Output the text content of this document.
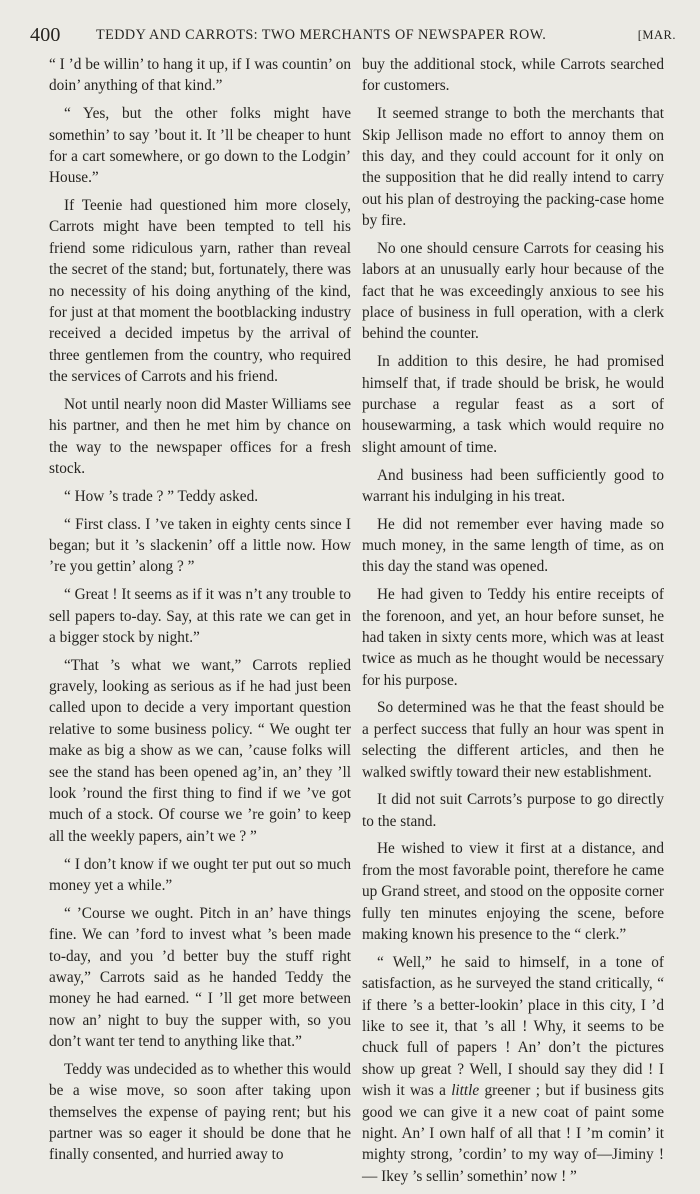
400 TEDDY AND CARROTS: TWO MERCHANTS OF NEWSPAPER ROW.	[MAR.

“ I ’d be willin’ to hang it up, if I was countin’ on doin’ anything of that kind.”

“ Yes, but the other folks might have somethin’ to say ’bout it. It ’ll be cheaper to hunt for a cart somewhere, or go down to the Lodgin’ House.”

If Teenie had questioned him more closely, Carrots might have been tempted to tell his friend some ridiculous yarn, rather than reveal the secret of the stand; but, fortunately, there was no necessity of his doing anything of the kind, for just at that moment the bootblacking industry received a decided impetus by the arrival of three gentlemen from the country, who required the services of Carrots and his friend.

Not until nearly noon did Master Williams see his partner, and then he met him by chance on the way to the newspaper offices for a fresh stock.

“ How ’s trade ? ” Teddy asked.

“ First class. I ’ve taken in eighty cents since I began; but it ’s slackenin’ off a little now. How ’re you gettin’ along ? ”

“ Great ! It seems as if it was n’t any trouble to sell papers to-day. Say, at this rate we can get in a bigger stock by night.”

“That ’s what we want,” Carrots replied gravely, looking as serious as if he had just been called upon to decide a very important question relative to some business policy. “ We ought ter make as big a show as we can, ’cause folks will see the stand has been opened ag’in, an’ they ’ll look ’round the first thing to find if we ’ve got much of a stock. Of course we ’re goin’ to keep all the weekly papers, ain’t we ? ”

“ I don’t know if we ought ter put out so much money yet a while.”

“ ’Course we ought. Pitch in an’ have things fine. We can ’ford to invest what ’s been made to-day, and you ’d better buy the stuff right away,” Carrots said as he handed Teddy the money he had earned. “ I ’ll get more between now an’ night to buy the supper with, so you don’t want ter tend to anything like that.”

Teddy was undecided as to whether this would be a wise move, so soon after taking upon themselves the expense of paying rent; but his partner was so eager it should be done that he finally consented, and hurried away to

buy the additional stock, while Carrots searched for customers.

It seemed strange to both the merchants that Skip Jellison made no effort to annoy them on this day, and they could account for it only on the supposition that he did really intend to carry out his plan of destroying the packing-case home by fire.

No one should censure Carrots for ceasing his labors at an unusually early hour because of the fact that he was exceedingly anxious to see his place of business in full operation, with a clerk behind the counter.

In addition to this desire, he had promised himself that, if trade should be brisk, he would purchase a regular feast as a sort of housewarming, a task which would require no slight amount of time.

And business had been sufficiently good to warrant his indulging in his treat.

He did not remember ever having made so much money, in the same length of time, as on this day the stand was opened.

He had given to Teddy his entire receipts of the forenoon, and yet, an hour before sunset, he had taken in sixty cents more, which was at least twice as much as he thought would be necessary for his purpose.

So determined was he that the feast should be a perfect success that fully an hour was spent in selecting the different articles, and then he walked swiftly toward their new establishment.

It did not suit Carrots’s purpose to go directly to the stand.

He wished to view it first at a distance, and from the most favorable point, therefore he came up Grand street, and stood on the opposite corner fully ten minutes enjoying the scene, before making known his presence to the “ clerk.”

“ Well,” he said to himself, in a tone of satisfaction, as he surveyed the stand critically, “ if there ’s a better-lookin’ place in this city, I ’d like to see it, that ’s all ! Why, it seems to be chuck full of papers ! An’ don’t the pictures show up great ? Well, I should say they did ! I wish it was a little greener ; but if business gits good we can give it a new coat of paint some night. An’ I own half of all that ! I ’m comin’ it mighty strong, ’cordin’ to my way of—Jiminy !— Ikey ’s sellin’ somethin’ now ! ”
